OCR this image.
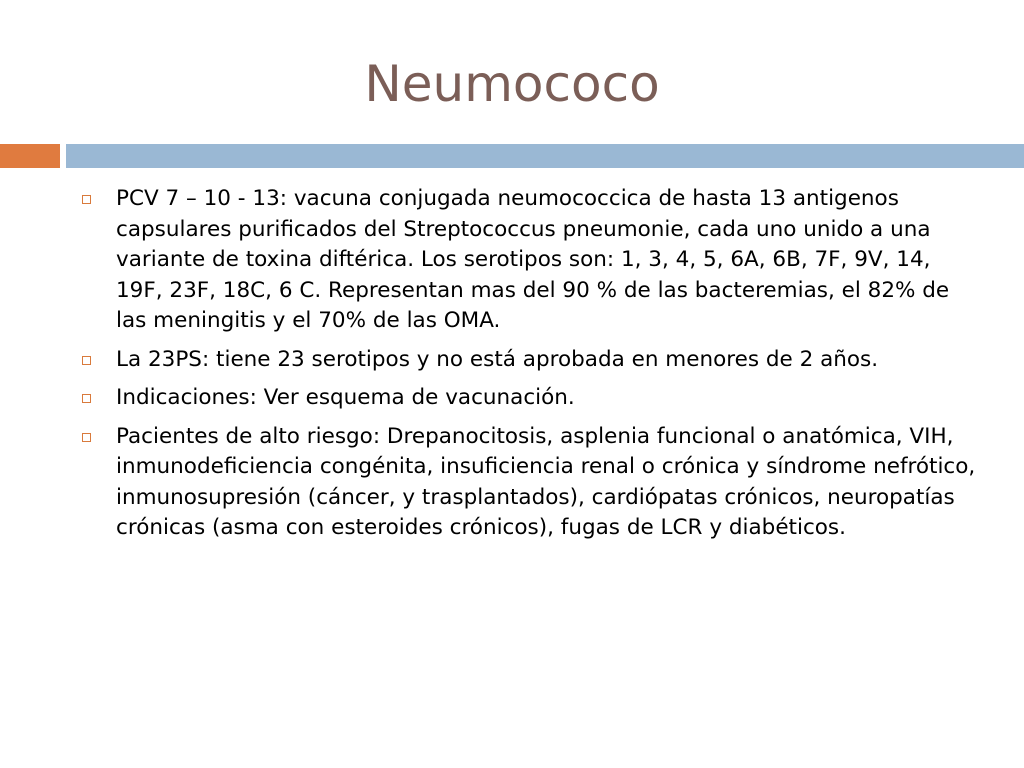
Neumococo
PCV 7 – 10 - 13: vacuna conjugada neumococcica de hasta 13 antigenos capsulares purificados del Streptococcus pneumonie, cada uno unido a una variante de toxina diftérica. Los serotipos son: 1, 3, 4, 5, 6A, 6B, 7F, 9V, 14, 19F, 23F, 18C, 6 C. Representan mas del 90 % de las bacteremias, el 82% de las meningitis y el 70% de las OMA.
La 23PS: tiene 23 serotipos y no está aprobada en menores de 2 años.
Indicaciones: Ver esquema de vacunación.
Pacientes de alto riesgo: Drepanocitosis, asplenia funcional o anatómica, VIH, inmunodeficiencia congénita, insuficiencia renal o crónica y síndrome nefrótico, inmunosupresión (cáncer, y trasplantados), cardiópatas crónicos, neuropatías crónicas (asma con esteroides crónicos), fugas de LCR y diabéticos.
